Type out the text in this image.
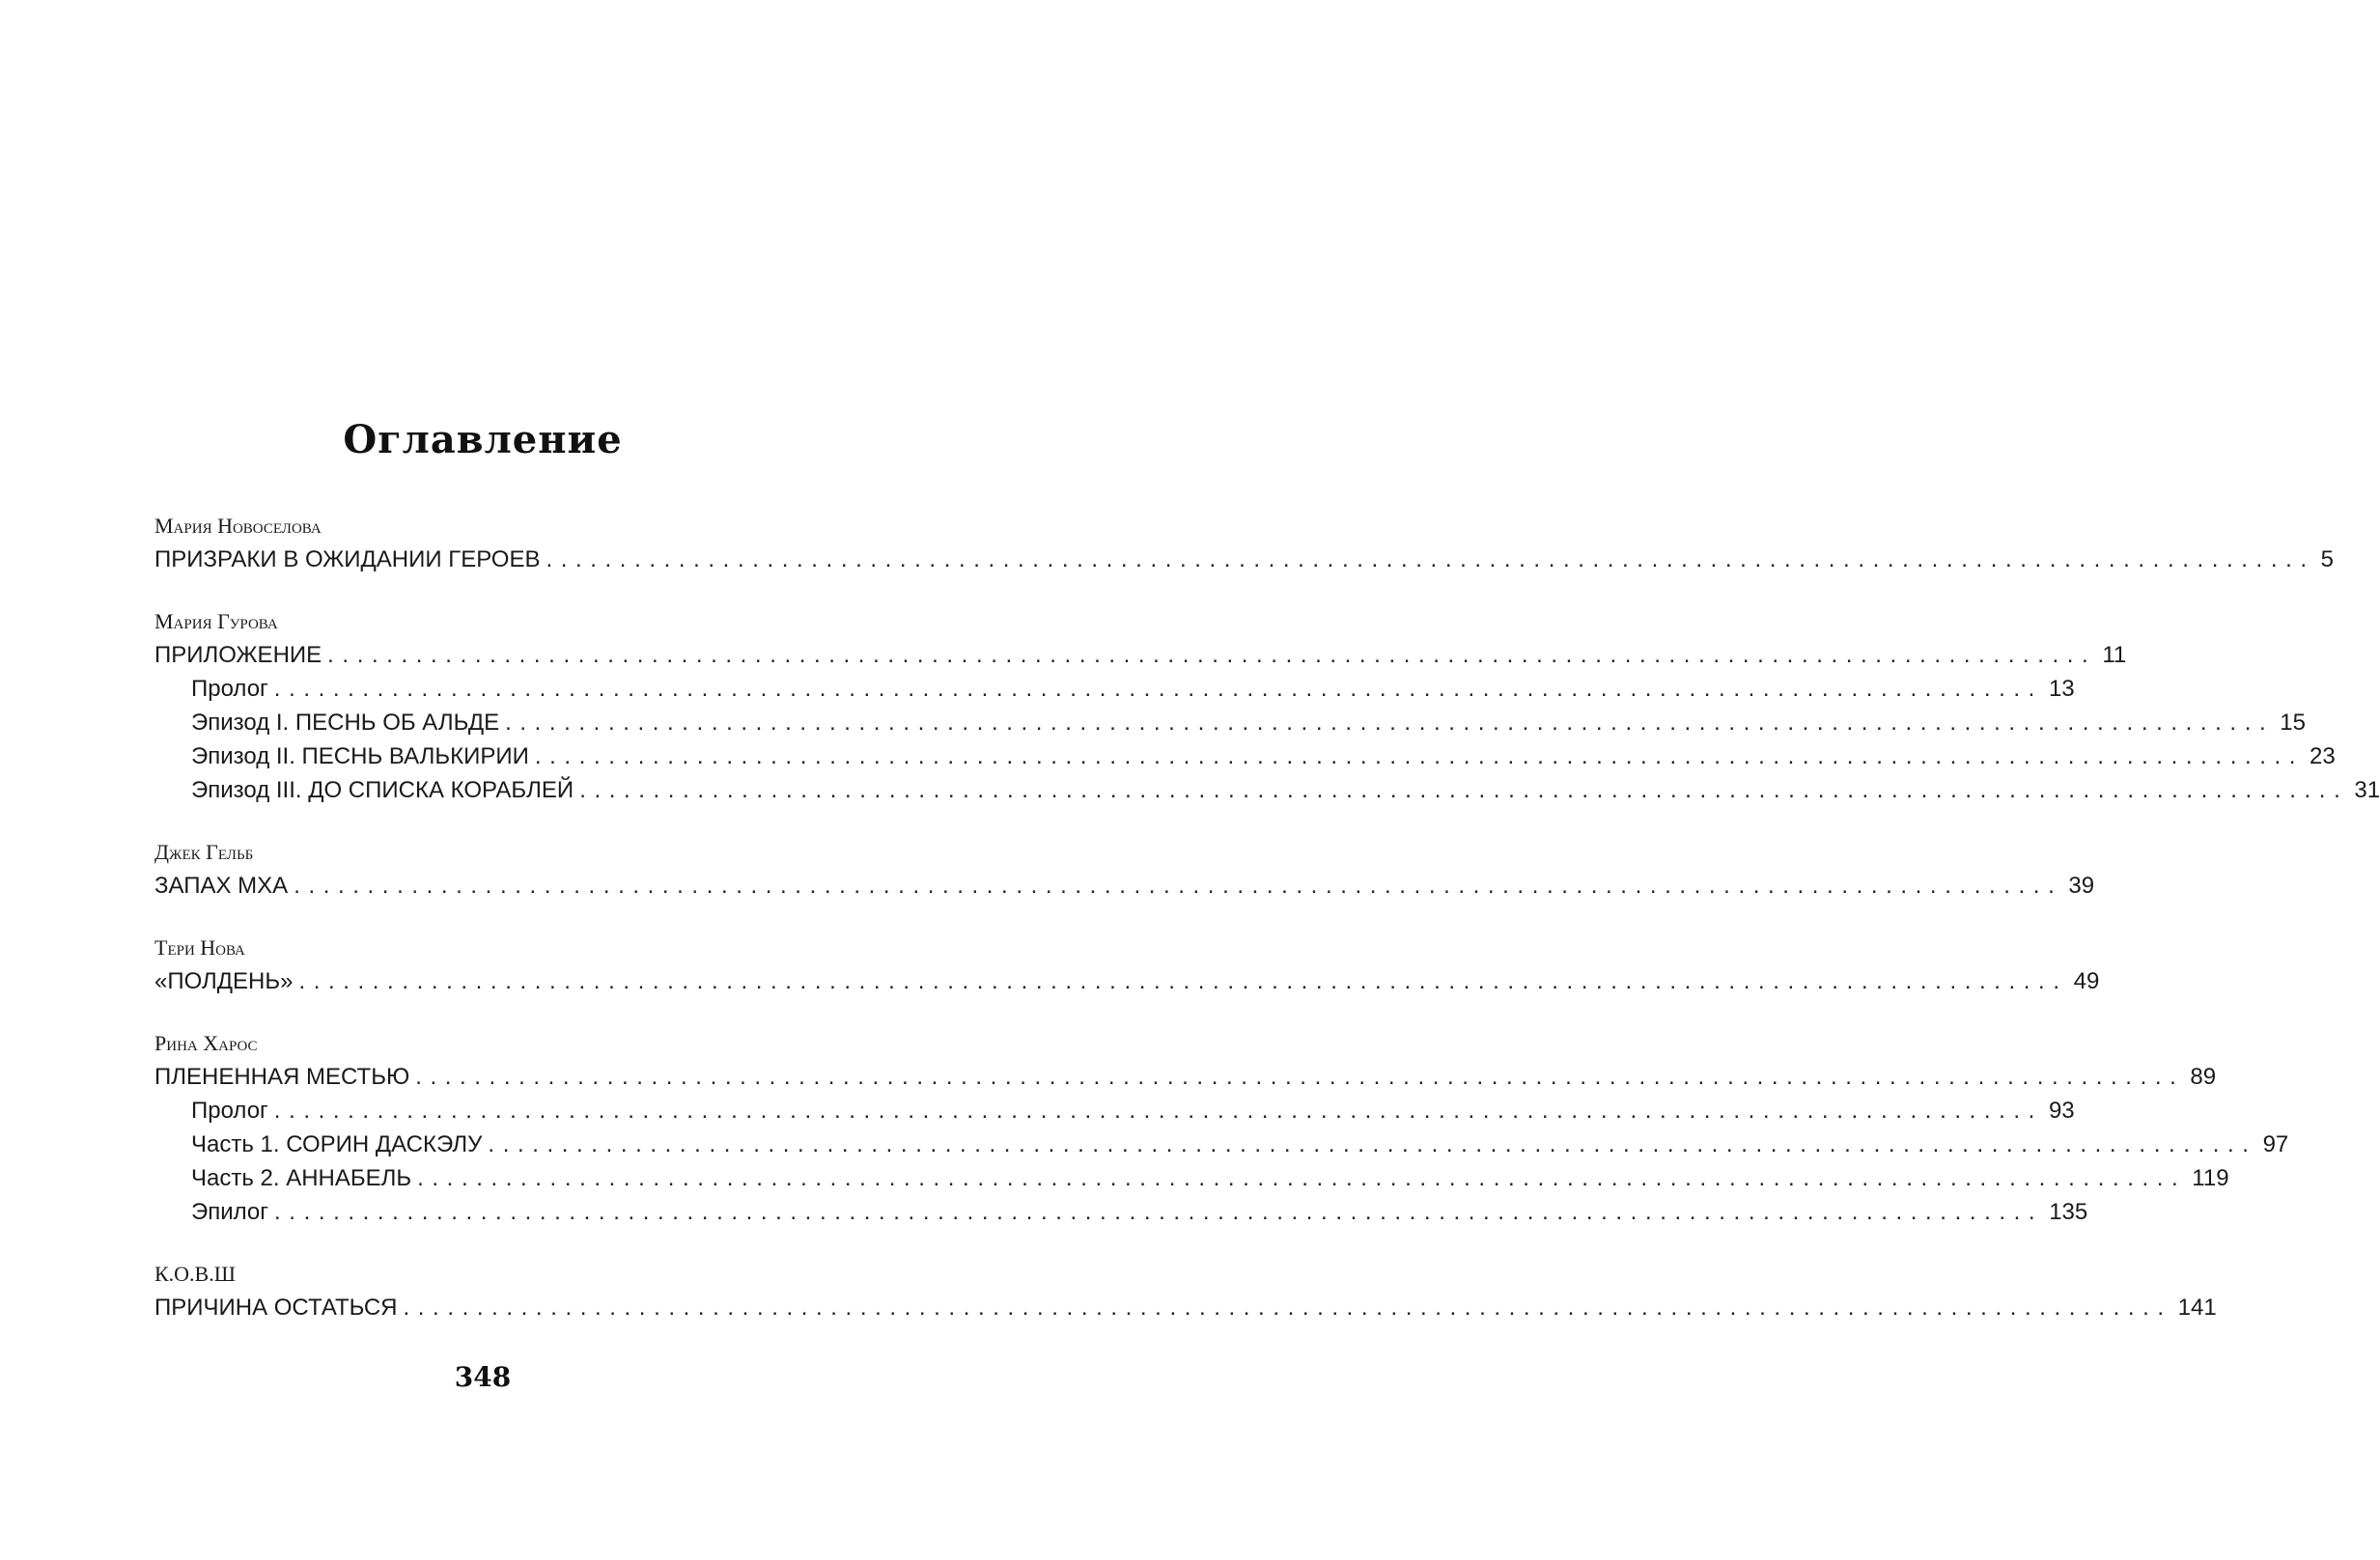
Оглавление
Мария Новоселова
ПРИЗРАКИ В ОЖИДАНИИ ГЕРОЕВ ........................................................................................................................ 5
Мария Гурова
ПРИЛОЖЕНИЕ ........................................................................................................................ 11
Пролог ........................................................................................................................ 13
Эпизод I. ПЕСНЬ ОБ АЛЬДЕ ........................................................................................................................ 15
Эпизод II. ПЕСНЬ ВАЛЬКИРИИ ........................................................................................................................ 23
Эпизод III. ДО СПИСКА КОРАБЛЕЙ ........................................................................................................................ 31
Джек Гельб
ЗАПАХ МХА ........................................................................................................................ 39
Тери Нова
«ПОЛДЕНЬ» ........................................................................................................................ 49
Рина Харос
ПЛЕНЕННАЯ МЕСТЬЮ ........................................................................................................................ 89
Пролог ........................................................................................................................ 93
Часть 1. СОРИН ДАСКЭЛУ ........................................................................................................................ 97
Часть 2. АННАБЕЛЬ ........................................................................................................................ 119
Эпилог ........................................................................................................................ 135
К.О.В.Ш
ПРИЧИНА ОСТАТЬСЯ ........................................................................................................................ 141
348
